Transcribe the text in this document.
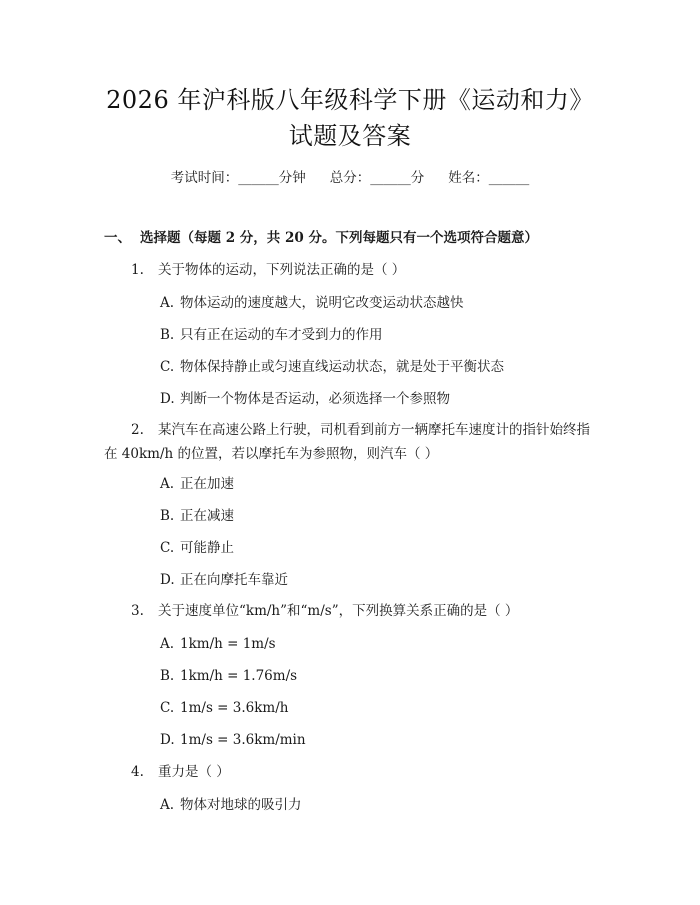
2026 年沪科版八年级科学下册《运动和力》
试题及答案
考试时间：______分钟 总分：______分 姓名：______
一、 选择题（每题 2 分，共 20 分。下列每题只有一个选项符合题意）
1. 关于物体的运动，下列说法正确的是（ ）
A. 物体运动的速度越大，说明它改变运动状态越快
B. 只有正在运动的车才受到力的作用
C. 物体保持静止或匀速直线运动状态，就是处于平衡状态
D. 判断一个物体是否运动，必须选择一个参照物
2. 某汽车在高速公路上行驶，司机看到前方一辆摩托车速度计的指针始终指在 40km/h 的位置，若以摩托车为参照物，则汽车（ ）
A. 正在加速
B. 正在减速
C. 可能静止
D. 正在向摩托车靠近
3. 关于速度单位“km/h”和“m/s”，下列换算关系正确的是（ ）
A. 1km/h = 1m/s
B. 1km/h = 1.76m/s
C. 1m/s = 3.6km/h
D. 1m/s = 3.6km/min
4. 重力是（ ）
A. 物体对地球的吸引力
